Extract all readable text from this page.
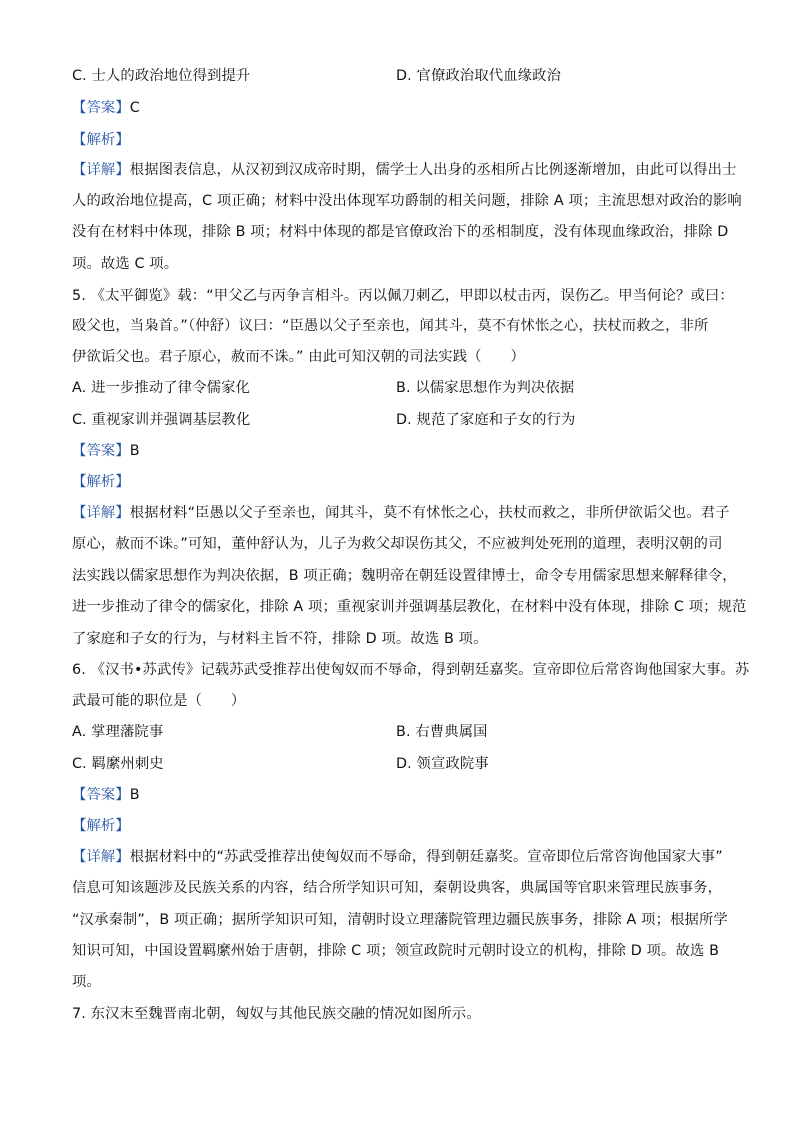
C. 士人的政治地位得到提升	D. 官僚政治取代血缘政治
【答案】C
【解析】
【详解】根据图表信息，从汉初到汉成帝时期，儒学士人出身的丞相所占比例逐渐增加，由此可以得出士
人的政治地位提高，C 项正确；材料中没出体现军功爵制的相关问题，排除 A 项；主流思想对政治的影响
没有在材料中体现，排除 B 项；材料中体现的都是官僚政治下的丞相制度，没有体现血缘政治，排除 D
项。故选 C 项。
5. 《太平御览》载：“甲父乙与丙争言相斗。丙以佩刀刺乙，甲即以杖击丙，误伤乙。甲当何论？或曰：
殴父也，当枭首。”（仲舒）议曰：“臣愚以父子至亲也，闻其斗，莫不有怵怅之心，扶杖而救之，非所
伊欲诟父也。君子原心，赦而不诛。” 由此可知汉朝的司法实践（　　）
A. 进一步推动了律令儒家化	B. 以儒家思想作为判决依据
C. 重视家训并强调基层教化	D. 规范了家庭和子女的行为
【答案】B
【解析】
【详解】根据材料“臣愚以父子至亲也，闻其斗，莫不有怵怅之心，扶杖而救之，非所伊欲诟父也。君子
原心，赦而不诛。”可知，董仲舒认为，儿子为救父却误伤其父，不应被判处死刑的道理，表明汉朝的司
法实践以儒家思想作为判决依据，B 项正确；魏明帝在朝廷设置律博士，命令专用儒家思想来解释律令，
进一步推动了律令的儒家化，排除 A 项；重视家训并强调基层教化，在材料中没有体现，排除 C 项；规范
了家庭和子女的行为，与材料主旨不符，排除 D 项。故选 B 项。
6. 《汉书•苏武传》记载苏武受推荐出使匈奴而不辱命，得到朝廷嘉奖。宣帝即位后常咨询他国家大事。苏
武最可能的职位是（　　）
A. 掌理藩院事	B. 右曹典属国
C. 羁縻州刺史	D. 领宣政院事
【答案】B
【解析】
【详解】根据材料中的“苏武受推荐出使匈奴而不辱命，得到朝廷嘉奖。宣帝即位后常咨询他国家大事”
信息可知该题涉及民族关系的内容，结合所学知识可知，秦朝设典客，典属国等官职来管理民族事务，
“汉承秦制”，B 项正确；据所学知识可知，清朝时设立理藩院管理边疆民族事务，排除 A 项；根据所学
知识可知，中国设置羁縻州始于唐朝，排除 C 项；领宣政院时元朝时设立的机构，排除 D 项。故选 B
项。
7. 东汉末至魏晋南北朝，匈奴与其他民族交融的情况如图所示。
